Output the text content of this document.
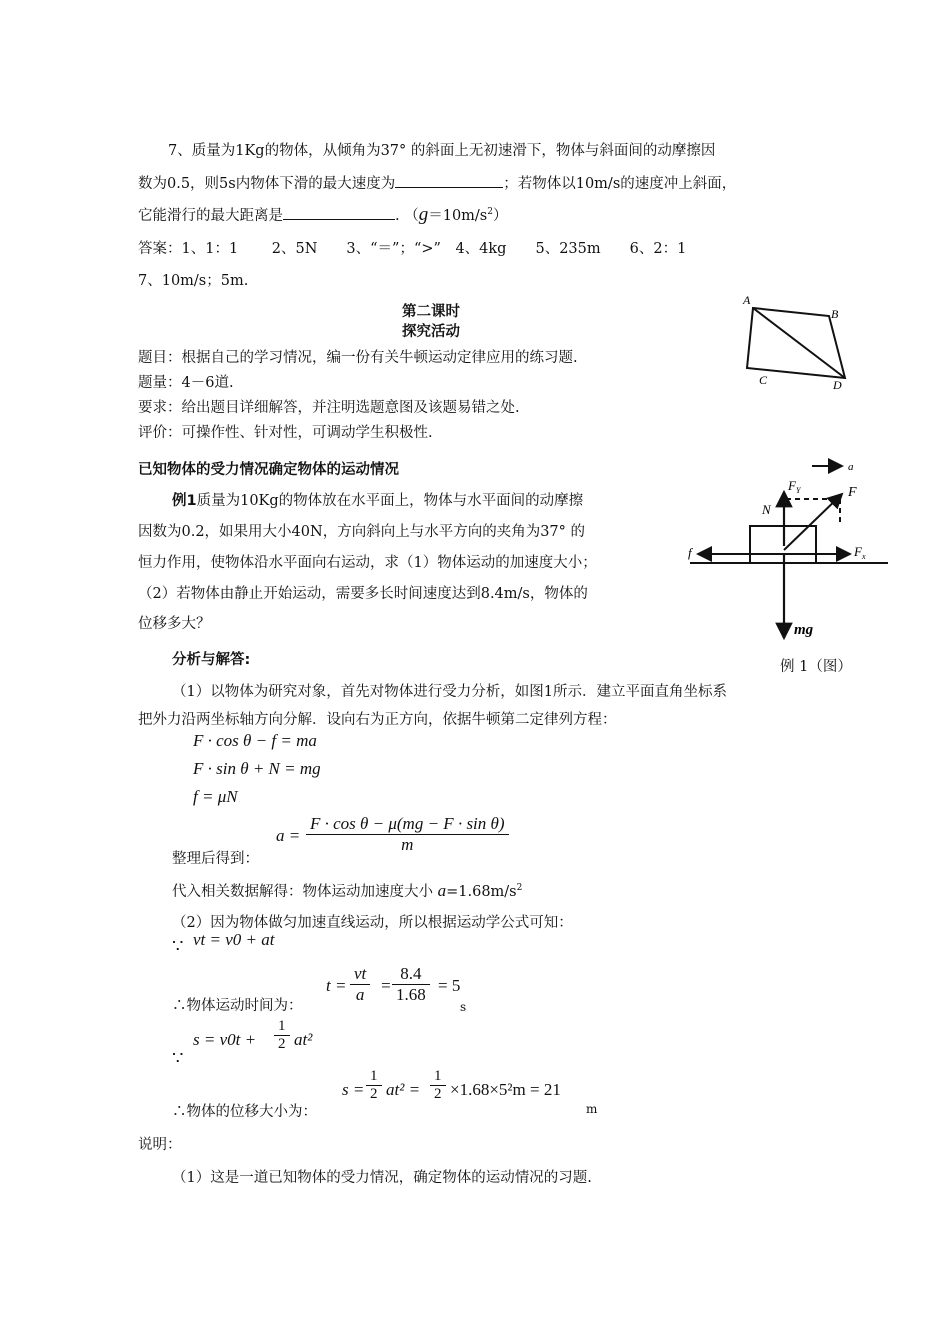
7、质量为1Kg的物体，从倾角为37° 的斜面上无初速滑下，物体与斜面间的动摩擦因
数为0.5，则5s内物体下滑的最大速度为	；若物体以10m/s的速度冲上斜面，
它能滑行的最大距离是	. $(g=10m/s^2)$
答案：1、1：1　　 2、5N　　3、“＝”；“>”　4、4kg　　5、235m　　6、2：1
7、10m/s；5m.
第二课时
探究活动
题目：根据自己的学习情况，编一份有关牛顿运动定律应用的练习题.
题量：4－6道.
要求：给出题目详细解答，并注明选题意图及该题易错之处.
评价：可操作性、针对性，可调动学生积极性.
A
B
C	D
已知物体的受力情况确定物体的运动情况
例1质量为10Kg的物体放在水平面上，物体与水平面间的动摩擦
因数为0.2，如果用大小40N，方向斜向上与水平方向的夹角为37° 的
恒力作用，使物体沿水平面向右运动，求（1）物体运动的加速度大小；
（2）若物体由静止开始运动，需要多长时间速度达到8.4m/s，物体的
位移多大？
a
N
$F_Y$	F
f	$F_x$
mg
例 1（图）
分析与解答:
（1）以物体为研究对象，首先对物体进行受力分析，如图1所示．建立平面直角坐标系
把外力沿两坐标轴方向分解．设向右为正方向，依据牛顿第二定律列方程：
F · cos θ − f = ma
F · sin θ + N = mg
f = μN
整理后得到：
$a = \frac{\text{F · cos θ − μ(mg − F · sin θ)}}{m}$
代入相关数据解得：物体运动加速度大小 $a=1.68m/s^2$
（2）因为物体做匀加速直线运动，所以根据运动学公式可知：
∵ vt = v0 + at
∴物体运动时间为：
$t = \frac{vt}{a} = \frac{8.4}{1.68} = 5$
s
∵
$s = v0t + \frac{1}{2} at^2$
∴物体的位移大小为：
$s = \frac{1}{2} at^2 = \frac{1}{2} \times 1.68\times 5^2m = 21$
m
说明：
（1）这是一道已知物体的受力情况，确定物体的运动情况的习题.
